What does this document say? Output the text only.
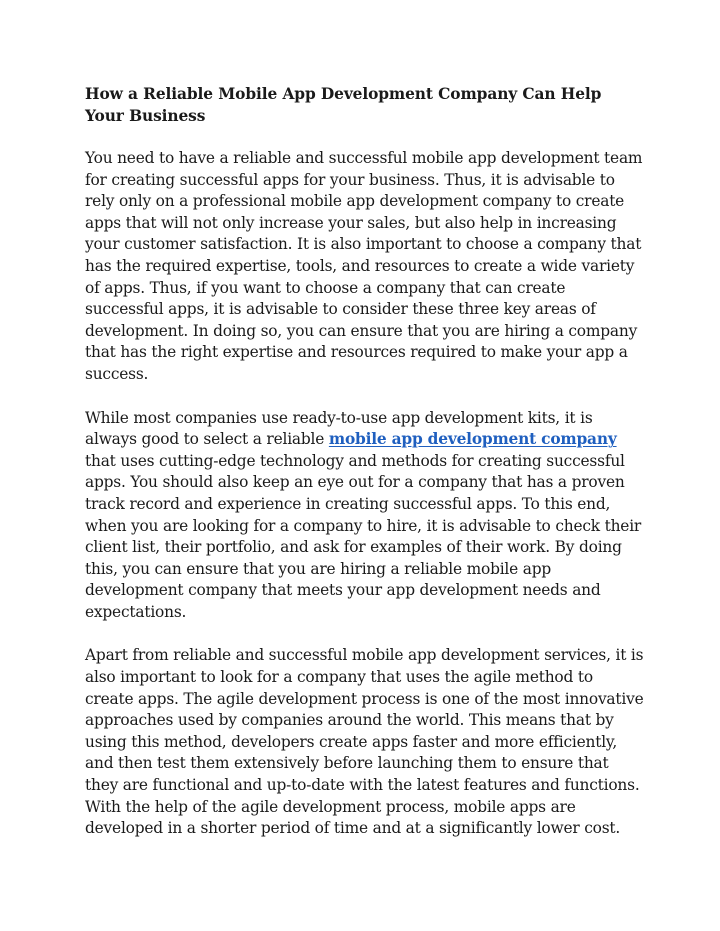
How a Reliable Mobile App Development Company Can Help Your Business

You need to have a reliable and successful mobile app development team for creating successful apps for your business. Thus, it is advisable to rely only on a professional mobile app development company to create apps that will not only increase your sales, but also help in increasing your customer satisfaction. It is also important to choose a company that has the required expertise, tools, and resources to create a wide variety of apps. Thus, if you want to choose a company that can create successful apps, it is advisable to consider these three key areas of development. In doing so, you can ensure that you are hiring a company that has the right expertise and resources required to make your app a success.

While most companies use ready-to-use app development kits, it is always good to select a reliable mobile app development company that uses cutting-edge technology and methods for creating successful apps. You should also keep an eye out for a company that has a proven track record and experience in creating successful apps. To this end, when you are looking for a company to hire, it is advisable to check their client list, their portfolio, and ask for examples of their work. By doing this, you can ensure that you are hiring a reliable mobile app development company that meets your app development needs and expectations.

Apart from reliable and successful mobile app development services, it is also important to look for a company that uses the agile method to create apps. The agile development process is one of the most innovative approaches used by companies around the world. This means that by using this method, developers create apps faster and more efficiently, and then test them extensively before launching them to ensure that they are functional and up-to-date with the latest features and functions. With the help of the agile development process, mobile apps are developed in a shorter period of time and at a significantly lower cost.
